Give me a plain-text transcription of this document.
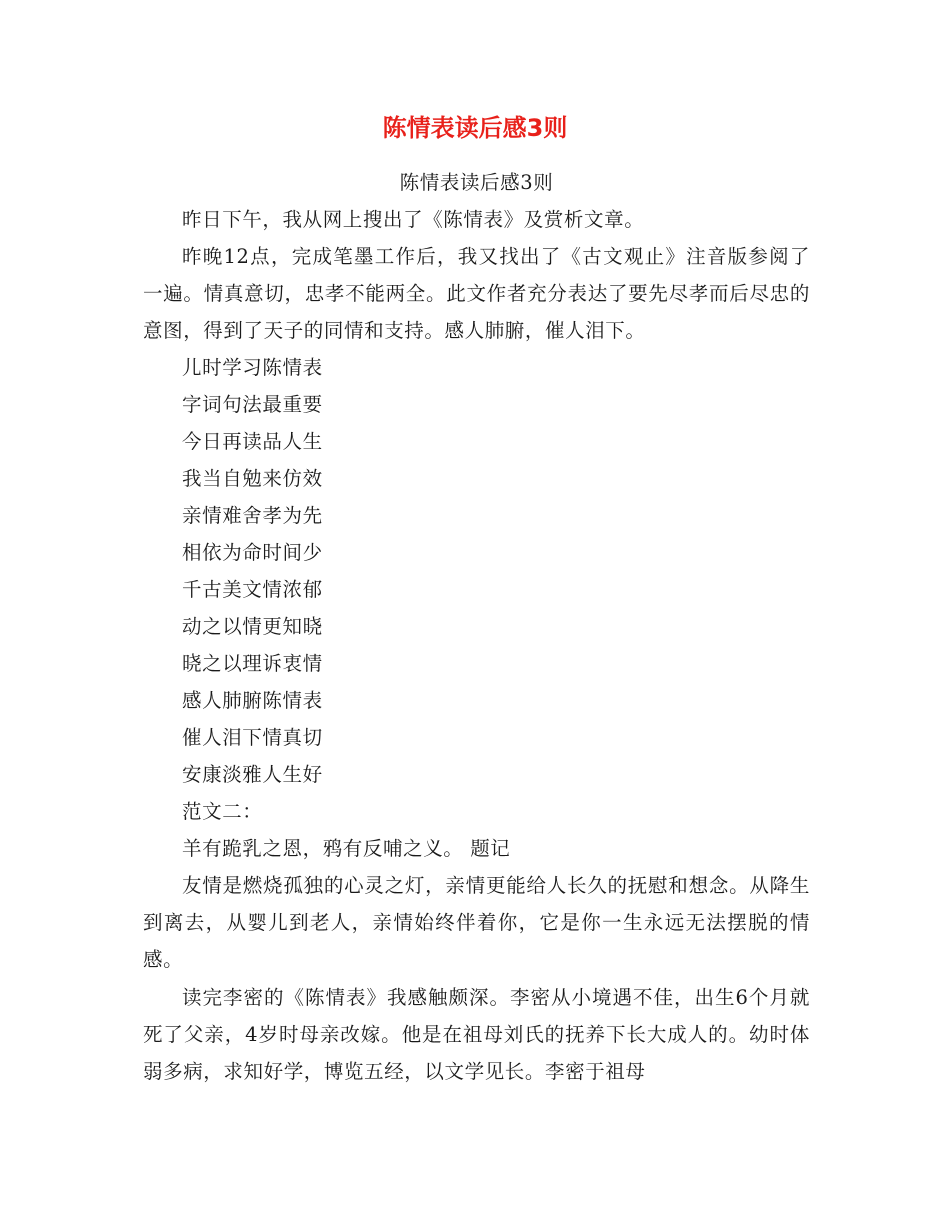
陈情表读后感3则

陈情表读后感3则

昨日下午，我从网上搜出了《陈情表》及赏析文章。

昨晚12点，完成笔墨工作后，我又找出了《古文观止》注音版参阅了一遍。情真意切，忠孝不能两全。此文作者充分表达了要先尽孝而后尽忠的意图，得到了天子的同情和支持。感人肺腑，催人泪下。

儿时学习陈情表

字词句法最重要

今日再读品人生

我当自勉来仿效

亲情难舍孝为先

相依为命时间少

千古美文情浓郁

动之以情更知晓

晓之以理诉衷情

感人肺腑陈情表

催人泪下情真切

安康淡雅人生好

范文二：

羊有跪乳之恩，鸦有反哺之义。 题记

友情是燃烧孤独的心灵之灯，亲情更能给人长久的抚慰和想念。从降生到离去，从婴儿到老人，亲情始终伴着你，它是你一生永远无法摆脱的情感。

读完李密的《陈情表》我感触颇深。李密从小境遇不佳，出生6个月就死了父亲，4岁时母亲改嫁。他是在祖母刘氏的抚养下长大成人的。幼时体弱多病，求知好学，博览五经，以文学见长。李密于祖母
